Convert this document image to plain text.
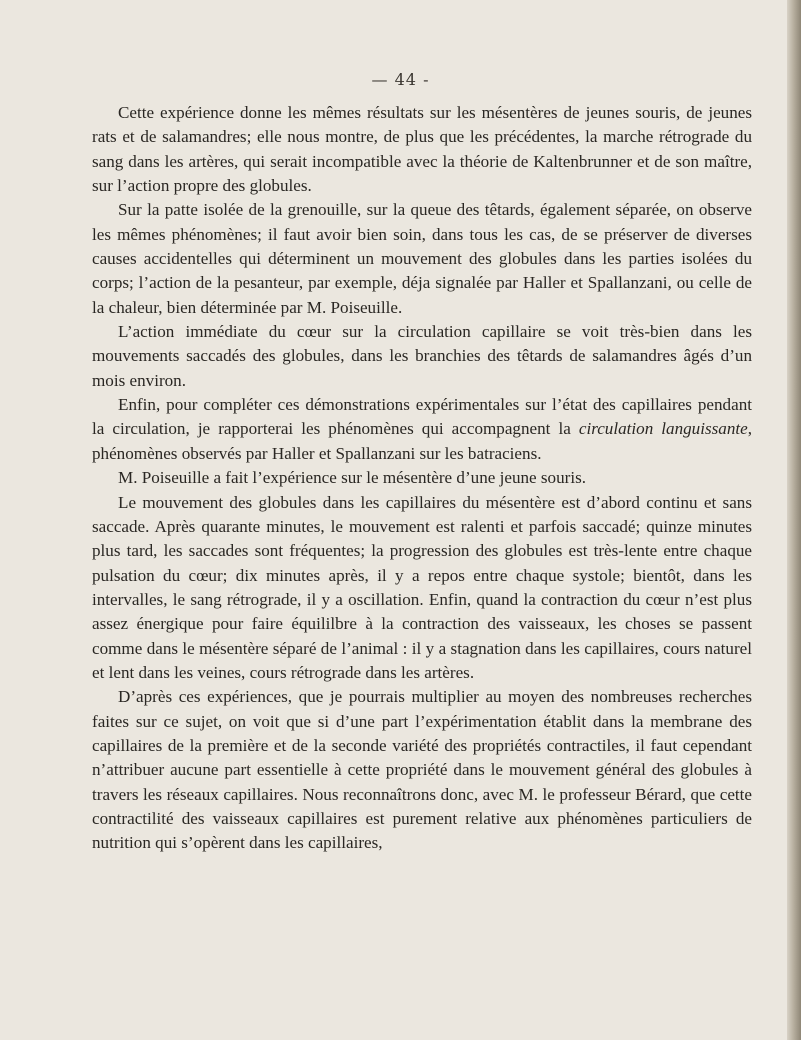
— 44 -

Cette expérience donne les mêmes résultats sur les mésentères de jeunes souris, de jeunes rats et de salamandres; elle nous montre, de plus que les précédentes, la marche rétrograde du sang dans les artères, qui serait incompatible avec la théorie de Kaltenbrunner et de son maître, sur l’action propre des globules.

Sur la patte isolée de la grenouille, sur la queue des têtards, également séparée, on observe les mêmes phénomènes; il faut avoir bien soin, dans tous les cas, de se préserver de diverses causes accidentelles qui déterminent un mouvement des globules dans les parties isolées du corps; l’action de la pesanteur, par exemple, déja signalée par Haller et Spallanzani, ou celle de la chaleur, bien déterminée par M. Poiseuille.

L’action immédiate du cœur sur la circulation capillaire se voit très-bien dans les mouvements saccadés des globules, dans les branchies des têtards de salamandres âgés d’un mois environ.

Enfin, pour compléter ces démonstrations expérimentales sur l’état des capillaires pendant la circulation, je rapporterai les phénomènes qui accompagnent la circulation languissante, phénomènes observés par Haller et Spallanzani sur les batraciens.

M. Poiseuille a fait l’expérience sur le mésentère d’une jeune souris.

Le mouvement des globules dans les capillaires du mésentère est d’abord continu et sans saccade. Après quarante minutes, le mouvement est ralenti et parfois saccadé; quinze minutes plus tard, les saccades sont fréquentes; la progression des globules est très-lente entre chaque pulsation du cœur; dix minutes après, il y a repos entre chaque systole; bientôt, dans les intervalles, le sang rétrograde, il y a oscillation. Enfin, quand la contraction du cœur n’est plus assez énergique pour faire équililbre à la contraction des vaisseaux, les choses se passent comme dans le mésentère séparé de l’animal : il y a stagnation dans les capillaires, cours naturel et lent dans les veines, cours rétrograde dans les artères.

D’après ces expériences, que je pourrais multiplier au moyen des nombreuses recherches faites sur ce sujet, on voit que si d’une part l’expérimentation établit dans la membrane des capillaires de la première et de la seconde variété des propriétés contractiles, il faut cependant n’attribuer aucune part essentielle à cette propriété dans le mouvement général des globules à travers les réseaux capillaires. Nous reconnaîtrons donc, avec M. le professeur Bérard, que cette contractilité des vaisseaux capillaires est purement relative aux phénomènes particuliers de nutrition qui s’opèrent dans les capillaires,
